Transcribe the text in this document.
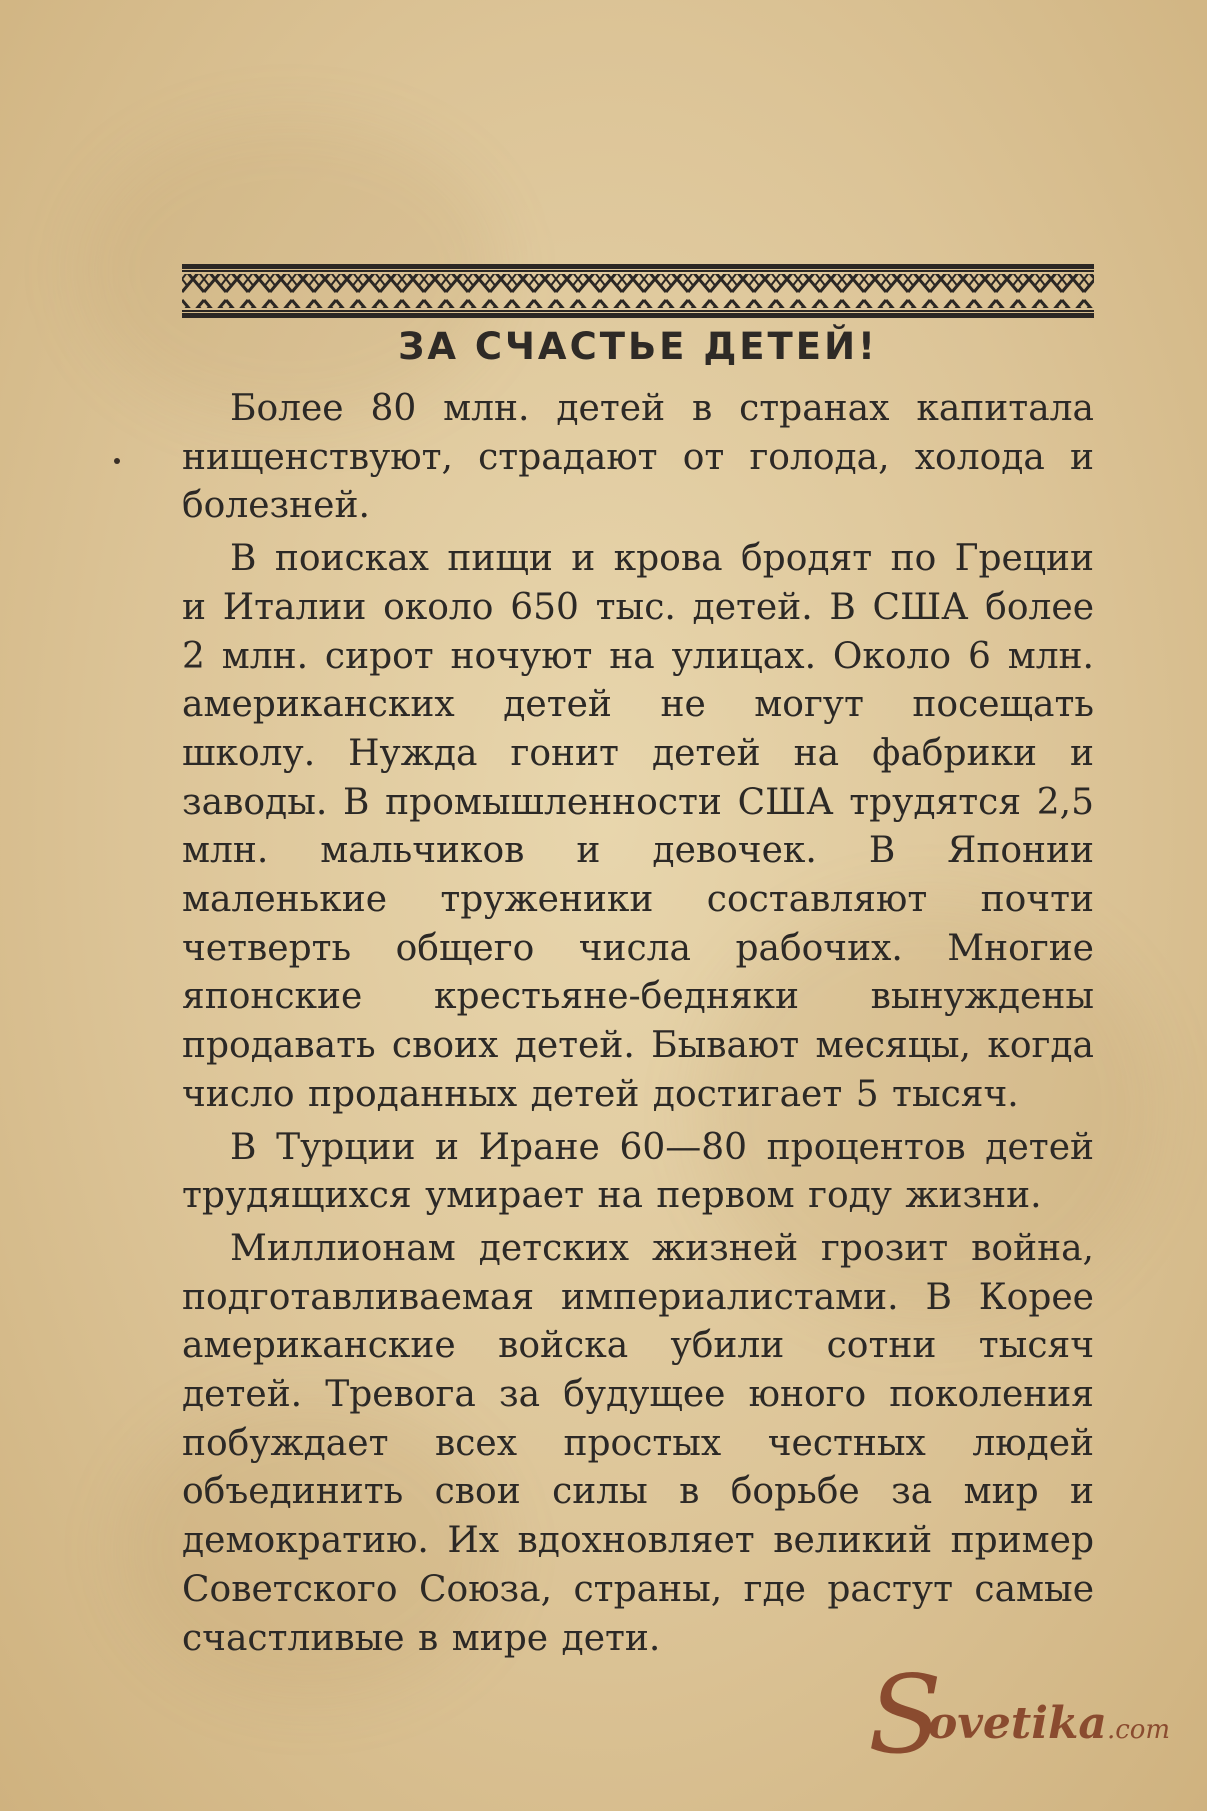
ЗА СЧАСТЬЕ ДЕТЕЙ!

Более 80 млн. детей в странах капитала нищенствуют, страдают от голода, холода и болезней.

В поисках пищи и крова бродят по Греции и Италии около 650 тыс. детей. В США более 2 млн. сирот ночуют на улицах. Около 6 млн. американских детей не могут посещать школу. Нужда гонит детей на фабрики и заводы. В промышленности США трудятся 2,5 млн. мальчиков и девочек. В Японии маленькие труженики составляют почти четверть общего числа рабочих. Многие японские крестьяне-бедняки вынуждены продавать своих детей. Бывают месяцы, когда число проданных детей достигает 5 тысяч.

В Турции и Иране 60—80 процентов детей трудящихся умирает на первом году жизни.

Миллионам детских жизней грозит война, подготавливаемая империалистами. В Корее американские войска убили сотни тысяч детей. Тревога за будущее юного поколения побуждает всех простых честных людей объединить свои силы в борьбе за мир и демократию. Их вдохновляет великий пример Советского Союза, страны, где растут самые счастливые в мире дети.

S
ovetika.com
